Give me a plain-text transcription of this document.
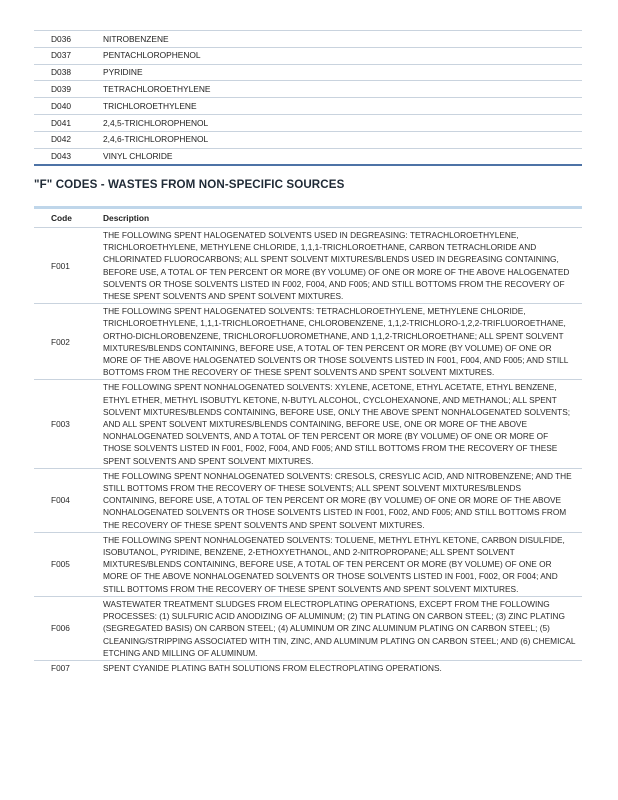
D036	NITROBENZENE
D037	PENTACHLOROPHENOL
D038	PYRIDINE
D039	TETRACHLOROETHYLENE
D040	TRICHLOROETHYLENE
D041	2,4,5-TRICHLOROPHENOL
D042	2,4,6-TRICHLOROPHENOL
D043	VINYL CHLORIDE
"F" CODES - WASTES FROM NON-SPECIFIC SOURCES
Code	Description
F001	THE FOLLOWING SPENT HALOGENATED SOLVENTS USED IN DEGREASING: TETRACHLOROETHYLENE, TRICHLOROETHYLENE, METHYLENE CHLORIDE, 1,1,1-TRICHLOROETHANE, CARBON TETRACHLORIDE AND CHLORINATED FLUOROCARBONS; ALL SPENT SOLVENT MIXTURES/BLENDS USED IN DEGREASING CONTAINING, BEFORE USE, A TOTAL OF TEN PERCENT OR MORE (BY VOLUME) OF ONE OR MORE OF THE ABOVE HALOGENATED SOLVENTS OR THOSE SOLVENTS LISTED IN F002, F004, AND F005; AND STILL BOTTOMS FROM THE RECOVERY OF THESE SPENT SOLVENTS AND SPENT SOLVENT MIXTURES.
F002	THE FOLLOWING SPENT HALOGENATED SOLVENTS: TETRACHLOROETHYLENE, METHYLENE CHLORIDE, TRICHLOROETHYLENE, 1,1,1-TRICHLOROETHANE, CHLOROBENZENE, 1,1,2-TRICHLORO-1,2,2-TRIFLUOROETHANE, ORTHO-DICHLOROBENZENE, TRICHLOROFLUOROMETHANE, AND 1,1,2-TRICHLOROETHANE; ALL SPENT SOLVENT MIXTURES/BLENDS CONTAINING, BEFORE USE, A TOTAL OF TEN PERCENT OR MORE (BY VOLUME) OF ONE OR MORE OF THE ABOVE HALOGENATED SOLVENTS OR THOSE SOLVENTS LISTED IN F001, F004, AND F005; AND STILL BOTTOMS FROM THE RECOVERY OF THESE SPENT SOLVENTS AND SPENT SOLVENT MIXTURES.
F003	THE FOLLOWING SPENT NONHALOGENATED SOLVENTS: XYLENE, ACETONE, ETHYL ACETATE, ETHYL BENZENE, ETHYL ETHER, METHYL ISOBUTYL KETONE, N-BUTYL ALCOHOL, CYCLOHEXANONE, AND METHANOL; ALL SPENT SOLVENT MIXTURES/BLENDS CONTAINING, BEFORE USE, ONLY THE ABOVE SPENT NONHALOGENATED SOLVENTS; AND ALL SPENT SOLVENT MIXTURES/BLENDS CONTAINING, BEFORE USE, ONE OR MORE OF THE ABOVE NONHALOGENATED SOLVENTS, AND A TOTAL OF TEN PERCENT OR MORE (BY VOLUME) OF ONE OR MORE OF THOSE SOLVENTS LISTED IN F001, F002, F004, AND F005; AND STILL BOTTOMS FROM THE RECOVERY OF THESE SPENT SOLVENTS AND SPENT SOLVENT MIXTURES.
F004	THE FOLLOWING SPENT NONHALOGENATED SOLVENTS: CRESOLS, CRESYLIC ACID, AND NITROBENZENE; AND THE STILL BOTTOMS FROM THE RECOVERY OF THESE SOLVENTS; ALL SPENT SOLVENT MIXTURES/BLENDS CONTAINING, BEFORE USE, A TOTAL OF TEN PERCENT OR MORE (BY VOLUME) OF ONE OR MORE OF THE ABOVE NONHALOGENATED SOLVENTS OR THOSE SOLVENTS LISTED IN F001, F002, AND F005; AND STILL BOTTOMS FROM THE RECOVERY OF THESE SPENT SOLVENTS AND SPENT SOLVENT MIXTURES.
F005	THE FOLLOWING SPENT NONHALOGENATED SOLVENTS: TOLUENE, METHYL ETHYL KETONE, CARBON DISULFIDE, ISOBUTANOL, PYRIDINE, BENZENE, 2-ETHOXYETHANOL, AND 2-NITROPROPANE; ALL SPENT SOLVENT MIXTURES/BLENDS CONTAINING, BEFORE USE, A TOTAL OF TEN PERCENT OR MORE (BY VOLUME) OF ONE OR MORE OF THE ABOVE NONHALOGENATED SOLVENTS OR THOSE SOLVENTS LISTED IN F001, F002, OR F004; AND STILL BOTTOMS FROM THE RECOVERY OF THESE SPENT SOLVENTS AND SPENT SOLVENT MIXTURES.
F006	WASTEWATER TREATMENT SLUDGES FROM ELECTROPLATING OPERATIONS, EXCEPT FROM THE FOLLOWING PROCESSES: (1) SULFURIC ACID ANODIZING OF ALUMINUM; (2) TIN PLATING ON CARBON STEEL; (3) ZINC PLATING (SEGREGATED BASIS) ON CARBON STEEL; (4) ALUMINUM OR ZINC ALUMINUM PLATING ON CARBON STEEL; (5) CLEANING/STRIPPING ASSOCIATED WITH TIN, ZINC, AND ALUMINUM PLATING ON CARBON STEEL; AND (6) CHEMICAL ETCHING AND MILLING OF ALUMINUM.
F007	SPENT CYANIDE PLATING BATH SOLUTIONS FROM ELECTROPLATING OPERATIONS.
